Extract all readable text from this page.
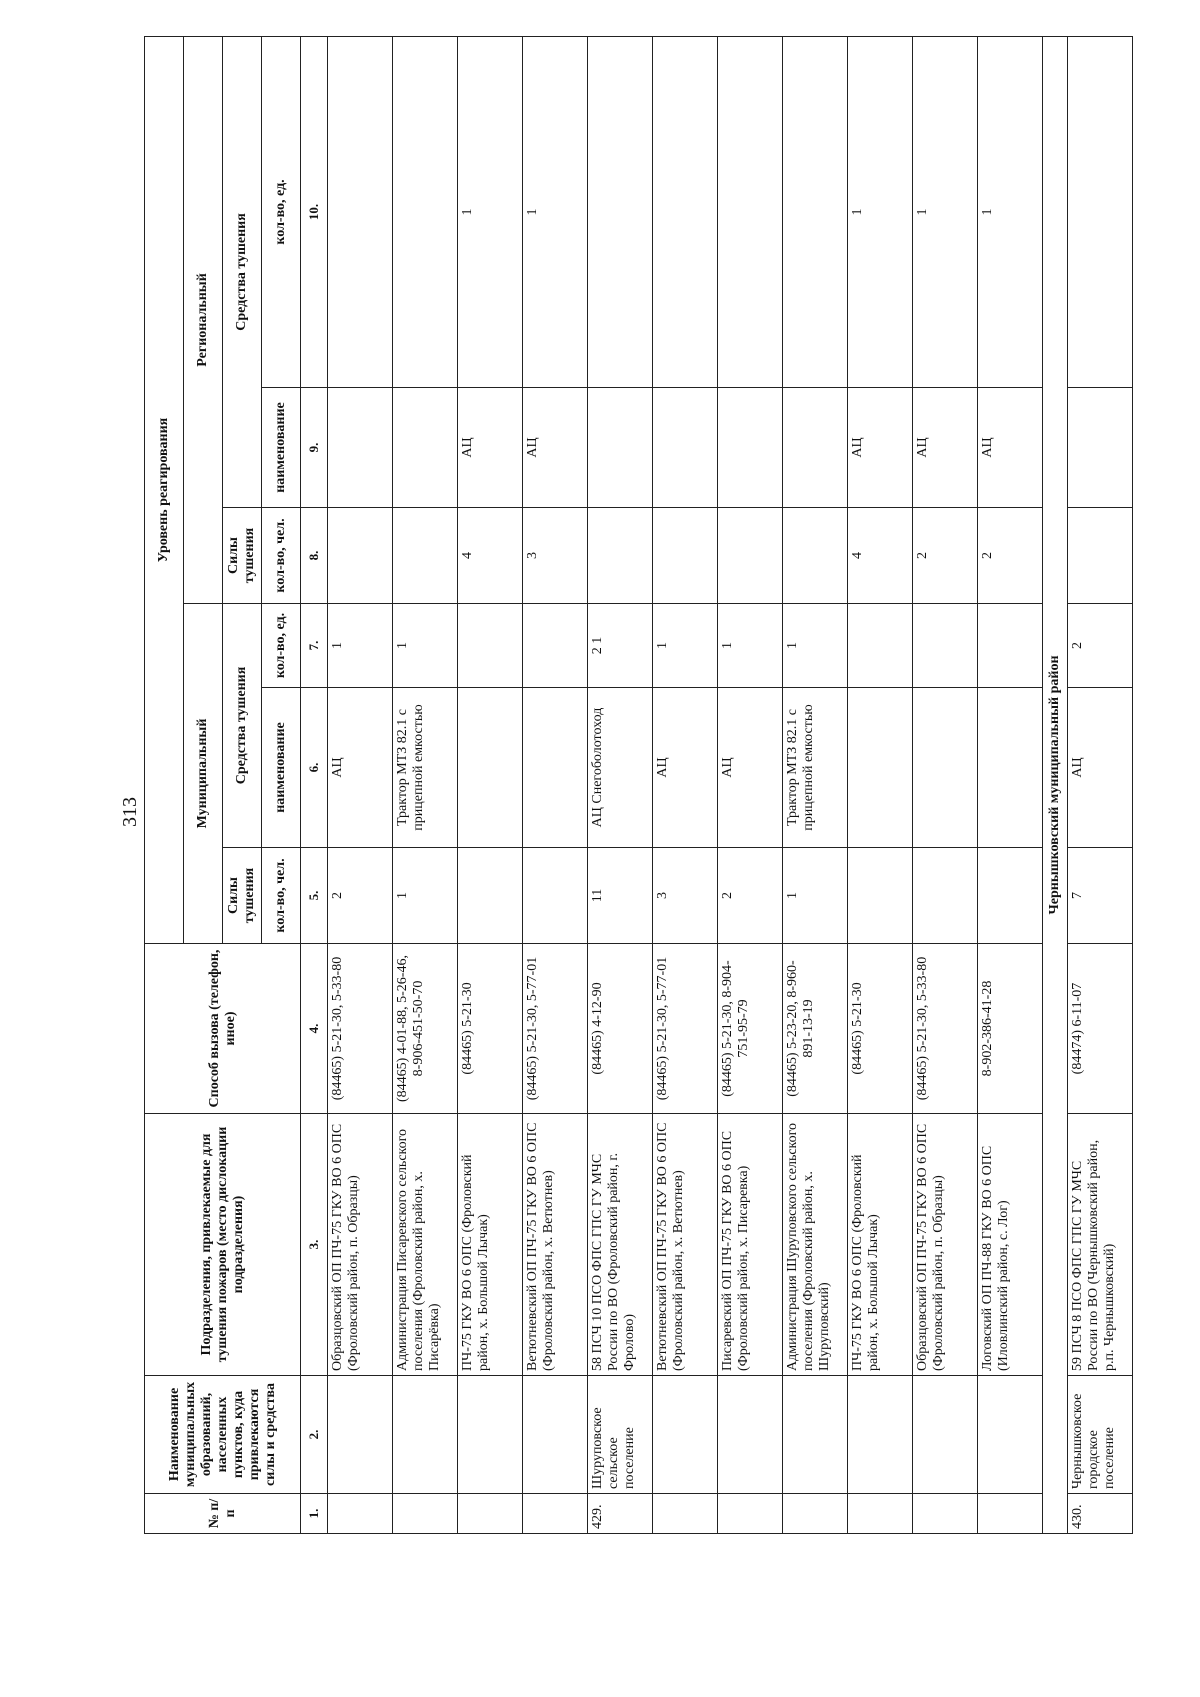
313
№ п/п	Наименование муниципальных образований, населенных пунктов, куда привлекаются силы и средства	Подразделения, привлекаемые для тушения пожаров (место дислокации подразделения)	Способ вызова (телефон, иное)	Уровень реагирования					
				Муниципальный			Региональный		
				Силы тушения	Средства тушения		Силы тушения	Средства тушения	
				кол-во, чел.	наименование	кол-во, ед.	кол-во, чел.	наименование	кол-во, ед.
1.	2.	3.	4.	5.	6.	7.	8.	9.	10.
		Образцовский ОП ПЧ-75 ГКУ ВО 6 ОПС (Фроловский район, п. Образцы)	(84465) 5-21-30, 5-33-80	2	АЦ	1			
		Администрация Писаревского сельского поселения (Фроловский район, х. Писарёвка)	(84465) 4-01-88, 5-26-46, 8-906-451-50-70	1	Трактор МТЗ 82.1 с прицепной емкостью	1			
		ПЧ-75 ГКУ ВО 6 ОПС (Фроловский район, х. Большой Лычак)	(84465) 5-21-30				4	АЦ	1
		Ветютневский ОП ПЧ-75 ГКУ ВО 6 ОПС (Фроловский район, х. Ветютнев)	(84465) 5-21-30, 5-77-01				3	АЦ	1
429.	Шуруповское сельское поселение	58 ПСЧ 10 ПСО ФПС ГПС ГУ МЧС России по ВО (Фроловский район, г. Фролово)	(84465) 4-12-90	11	АЦ Снегоболотоход	2 1			
		Ветютневский ОП ПЧ-75 ГКУ ВО 6 ОПС (Фроловский район, х. Ветютнев)	(84465) 5-21-30, 5-77-01	3	АЦ	1			
		Писаревский ОП ПЧ-75 ГКУ ВО 6 ОПС (Фроловский район, х. Писаревка)	(84465) 5-21-30, 8-904-751-95-79	2	АЦ	1			
		Администрация Шуруповского сельского поселения (Фроловский район, х. Шуруповский)	(84465) 5-23-20, 8-960-891-13-19	1	Трактор МТЗ 82.1 с прицепной емкостью	1			
		ПЧ-75 ГКУ ВО 6 ОПС (Фроловский район, х. Большой Лычак)	(84465) 5-21-30				4	АЦ	1
		Образцовский ОП ПЧ-75 ГКУ ВО 6 ОПС (Фроловский район, п. Образцы)	(84465) 5-21-30, 5-33-80				2	АЦ	1
		Логовский ОП ПЧ-88 ГКУ ВО 6 ОПС (Иловлинский район, с. Лог)	8-902-386-41-28				2	АЦ	1
Чернышковский муниципальный район									
430.	Чернышковское городское поселение	59 ПСЧ 8 ПСО ФПС ГПС ГУ МЧС России по ВО (Чернышковский район, р.п. Чернышковский)	(84474) 6-11-07	7	АЦ	2			
